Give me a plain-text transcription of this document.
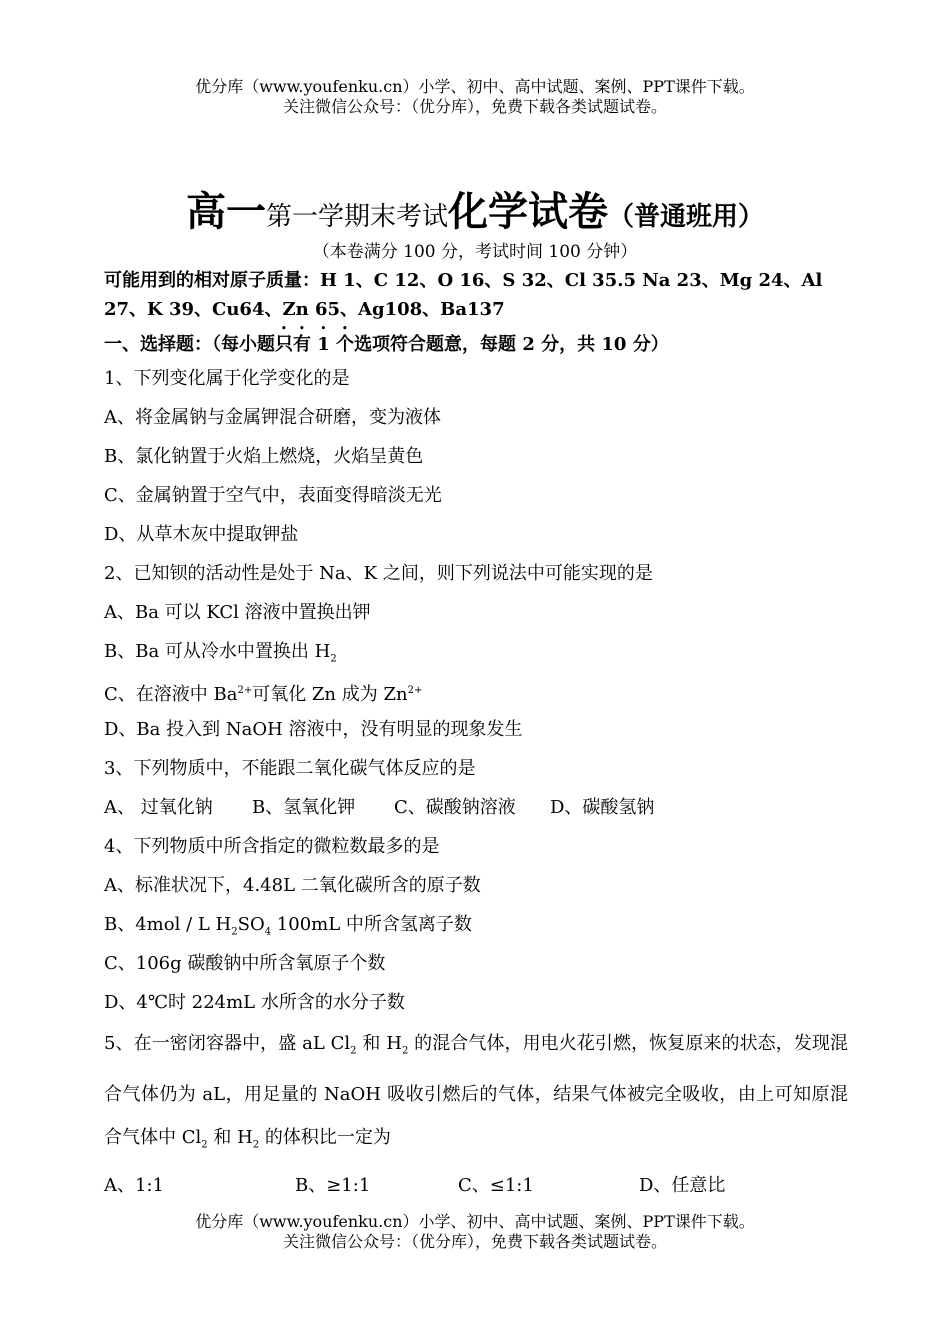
优分库（www.youfenku.cn）小学、初中、高中试题、案例、PPT课件下载。
关注微信公众号：（优分库），免费下载各类试题试卷。
高一第一学期末考试化学试卷（普通班用）
（本卷满分 100 分，考试时间 100 分钟）
可能用到的相对原子质量：H 1、C 12、O 16、S 32、Cl 35.5 Na 23、Mg 24、Al 27、K 39、Cu64、Zn 65、Ag108、Ba137
一、选择题：（每小题只有 1 个选项符合题意，每题 2 分，共 10 分）
1、下列变化属于化学变化的是
A、将金属钠与金属钾混合研磨，变为液体
B、氯化钠置于火焰上燃烧，火焰呈黄色
C、金属钠置于空气中，表面变得暗淡无光
D、从草木灰中提取钾盐
2、已知钡的活动性是处于 Na、K 之间，则下列说法中可能实现的是
A、Ba 可以 KCl 溶液中置换出钾
B、Ba 可从冷水中置换出 $H_2$
C、在溶液中 $Ba^{2+}$可氧化 Zn 成为 $Zn^{2+}$
D、Ba 投入到 NaOH 溶液中，没有明显的现象发生
3、下列物质中，不能跟二氧化碳气体反应的是
A、 过氧化钠 B、氢氧化钾 C、碳酸钠溶液 D、碳酸氢钠
4、下列物质中所含指定的微粒数最多的是
A、标准状况下，4.48L 二氧化碳所含的原子数
B、4mol / L $H_2SO_4$ 100mL 中所含氢离子数
C、106g 碳酸钠中所含氧原子个数
D、4℃时 224mL 水所含的水分子数
5、在一密闭容器中，盛 aL $Cl_2$ 和 $H_2$ 的混合气体，用电火花引燃，恢复原来的状态，发现混合气体仍为 aL，用足量的 NaOH 吸收引燃后的气体，结果气体被完全吸收，由上可知原混合气体中 $Cl_2$ 和 $H_2$ 的体积比一定为
A、1:1	B、≥1:1	C、≤1:1	D、任意比
优分库（www.youfenku.cn）小学、初中、高中试题、案例、PPT课件下载。
关注微信公众号：（优分库），免费下载各类试题试卷。
